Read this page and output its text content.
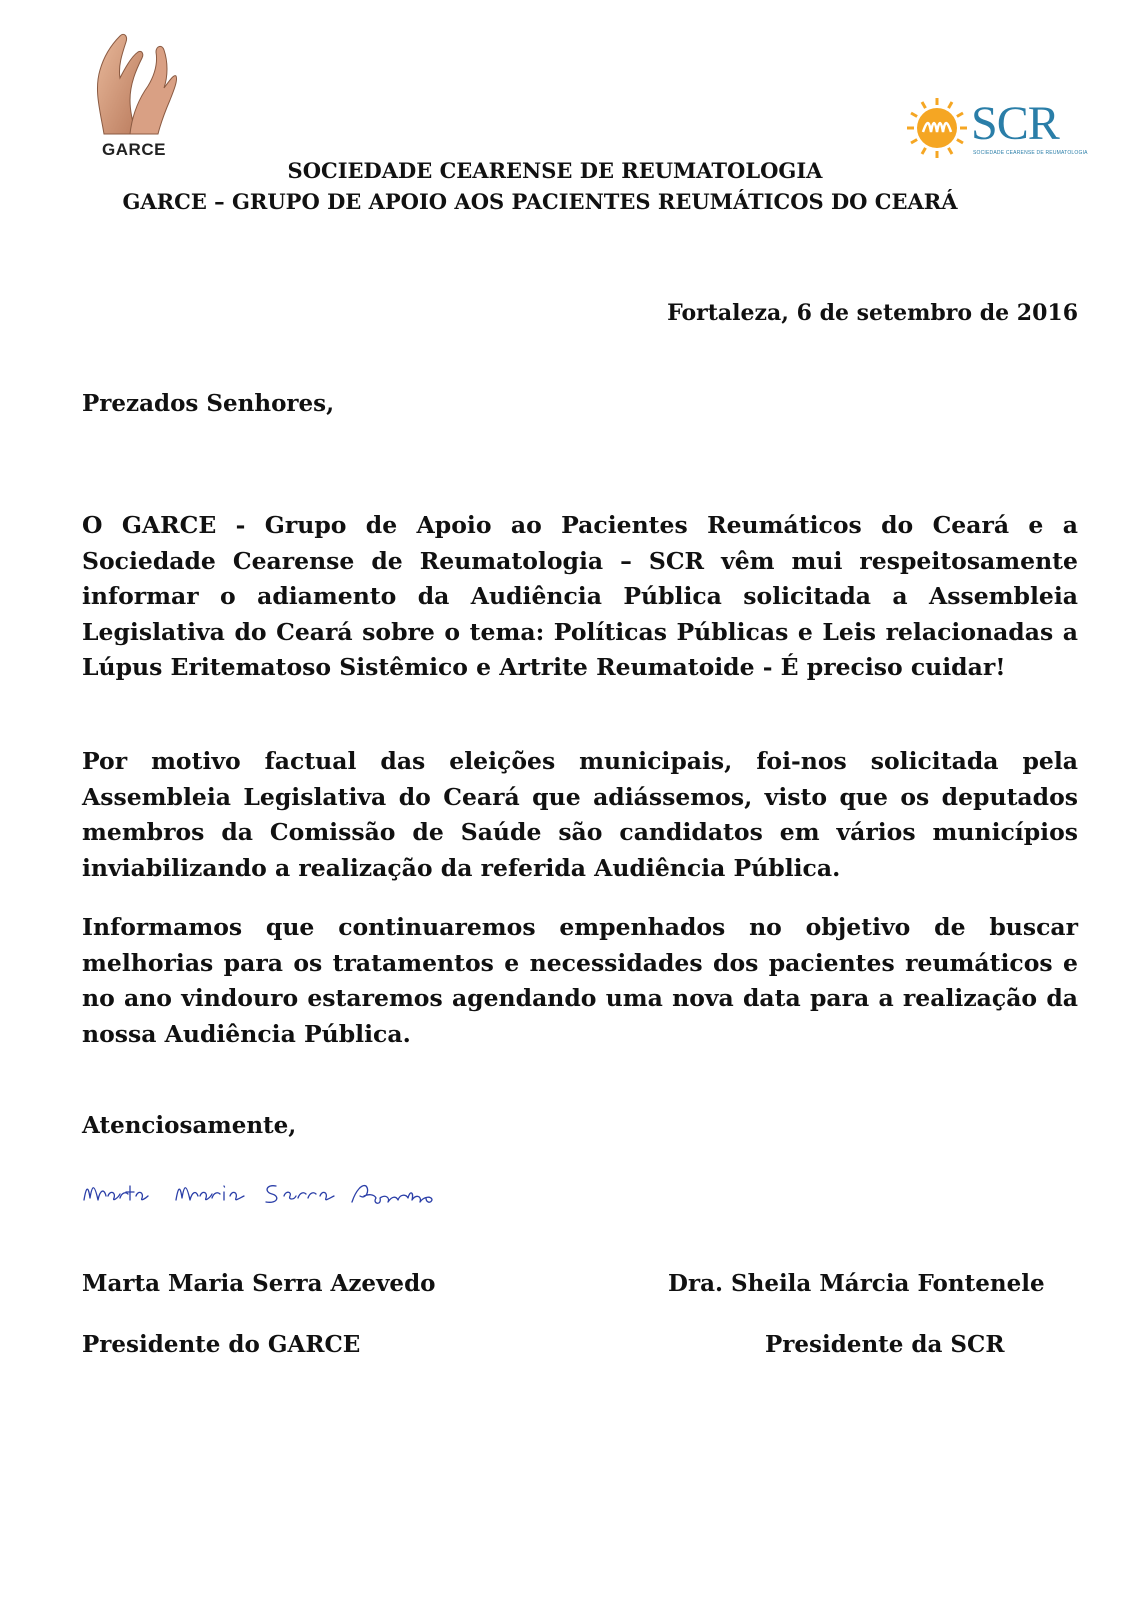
GARCE	SCR
SOCIEDADE CEARENSE DE REUMATOLOGIA
SOCIEDADE CEARENSE DE REUMATOLOGIA
GARCE – GRUPO DE APOIO AOS PACIENTES REUMÁTICOS DO CEARÁ
Fortaleza, 6 de setembro de 2016
Prezados Senhores,

O GARCE - Grupo de Apoio ao Pacientes Reumáticos do Ceará e a Sociedade Cearense de Reumatologia – SCR vêm mui respeitosamente informar o adiamento da Audiência Pública solicitada a Assembleia Legislativa do Ceará sobre o tema: Políticas Públicas e Leis relacionadas a Lúpus Eritematoso Sistêmico e Artrite Reumatoide - É preciso cuidar!

Por motivo factual das eleições municipais, foi-nos solicitada pela Assembleia Legislativa do Ceará que adiássemos, visto que os deputados membros da Comissão de Saúde são candidatos em vários municípios inviabilizando a realização da referida Audiência Pública.

Informamos que continuaremos empenhados no objetivo de buscar melhorias para os tratamentos e necessidades dos pacientes reumáticos e no ano vindouro estaremos agendando uma nova data para a realização da nossa Audiência Pública.

Atenciosamente,
Marta Maria Serra Azevedo
Presidente do GARCE
Dra. Sheila Márcia Fontenele
Presidente da SCR
